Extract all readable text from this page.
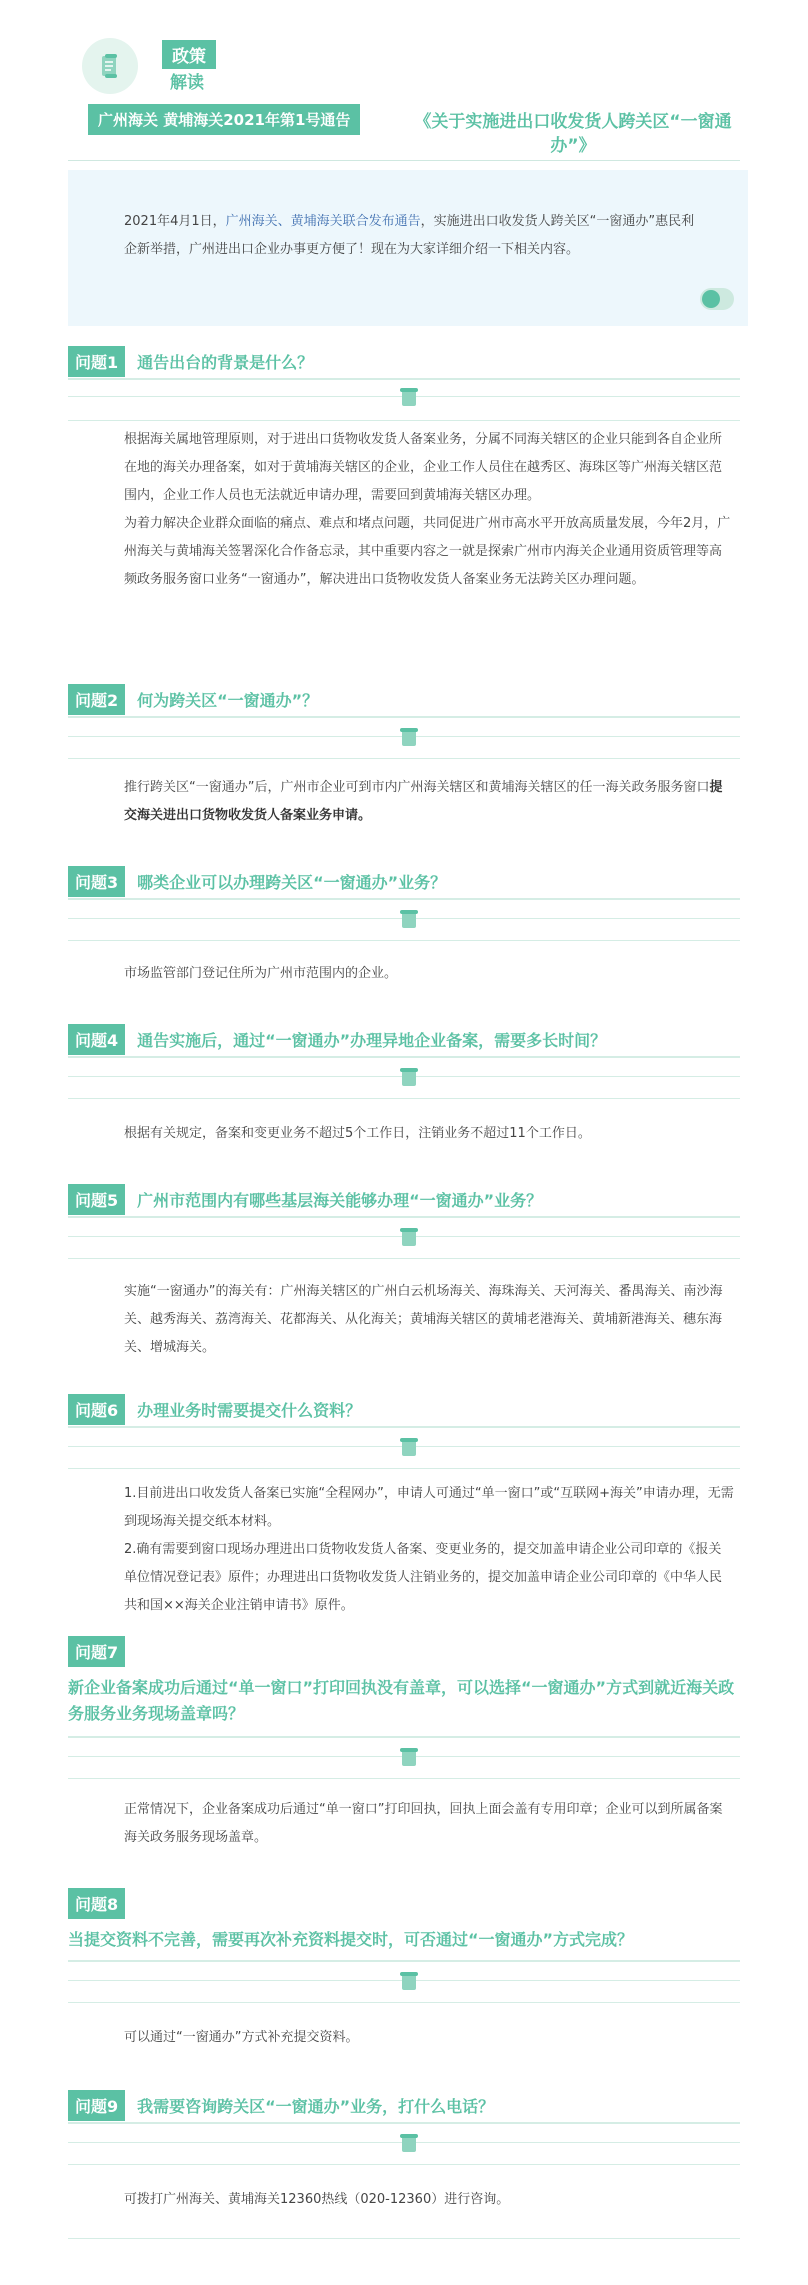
政策
解读
广州海关 黄埔海关2021年第1号通告	《关于实施进出口收发货人跨关区“一窗通办”》
2021年4月1日，广州海关、黄埔海关联合发布通告，实施进出口收发货人跨关区“一窗通办”惠民利企新举措，广州进出口企业办事更方便了！现在为大家详细介绍一下相关内容。
问题1	通告出台的背景是什么？

根据海关属地管理原则，对于进出口货物收发货人备案业务，分属不同海关辖区的企业只能到各自企业所在地的海关办理备案，如对于黄埔海关辖区的企业，企业工作人员住在越秀区、海珠区等广州海关辖区范围内，企业工作人员也无法就近申请办理，需要回到黄埔海关辖区办理。

为着力解决企业群众面临的痛点、难点和堵点问题，共同促进广州市高水平开放高质量发展，今年2月，广州海关与黄埔海关签署深化合作备忘录，其中重要内容之一就是探索广州市内海关企业通用资质管理等高频政务服务窗口业务“一窗通办”，解决进出口货物收发货人备案业务无法跨关区办理问题。

问题2	何为跨关区“一窗通办”？

推行跨关区“一窗通办”后，广州市企业可到市内广州海关辖区和黄埔海关辖区的任一海关政务服务窗口提交海关进出口货物收发货人备案业务申请。

问题3	哪类企业可以办理跨关区“一窗通办”业务？

市场监管部门登记住所为广州市范围内的企业。

问题4	通告实施后，通过“一窗通办”办理异地企业备案，需要多长时间？

根据有关规定，备案和变更业务不超过5个工作日，注销业务不超过11个工作日。

问题5	广州市范围内有哪些基层海关能够办理“一窗通办”业务？

实施“一窗通办”的海关有：广州海关辖区的广州白云机场海关、海珠海关、天河海关、番禺海关、南沙海关、越秀海关、荔湾海关、花都海关、从化海关；黄埔海关辖区的黄埔老港海关、黄埔新港海关、穗东海关、增城海关。

问题6	办理业务时需要提交什么资料？

1.目前进出口收发货人备案已实施“全程网办”，申请人可通过“单一窗口”或“互联网+海关”申请办理，无需到现场海关提交纸本材料。

2.确有需要到窗口现场办理进出口货物收发货人备案、变更业务的，提交加盖申请企业公司印章的《报关单位情况登记表》原件；办理进出口货物收发货人注销业务的，提交加盖申请企业公司印章的《中华人民共和国××海关企业注销申请书》原件。

问题7
新企业备案成功后通过“单一窗口”打印回执没有盖章，可以选择“一窗通办”方式到就近海关政务服务业务现场盖章吗？

正常情况下，企业备案成功后通过“单一窗口”打印回执，回执上面会盖有专用印章；企业可以到所属备案海关政务服务现场盖章。

问题8
当提交资料不完善，需要再次补充资料提交时，可否通过“一窗通办”方式完成？

可以通过“一窗通办”方式补充提交资料。

问题9	我需要咨询跨关区“一窗通办”业务，打什么电话？

可拨打广州海关、黄埔海关12360热线（020-12360）进行咨询。
